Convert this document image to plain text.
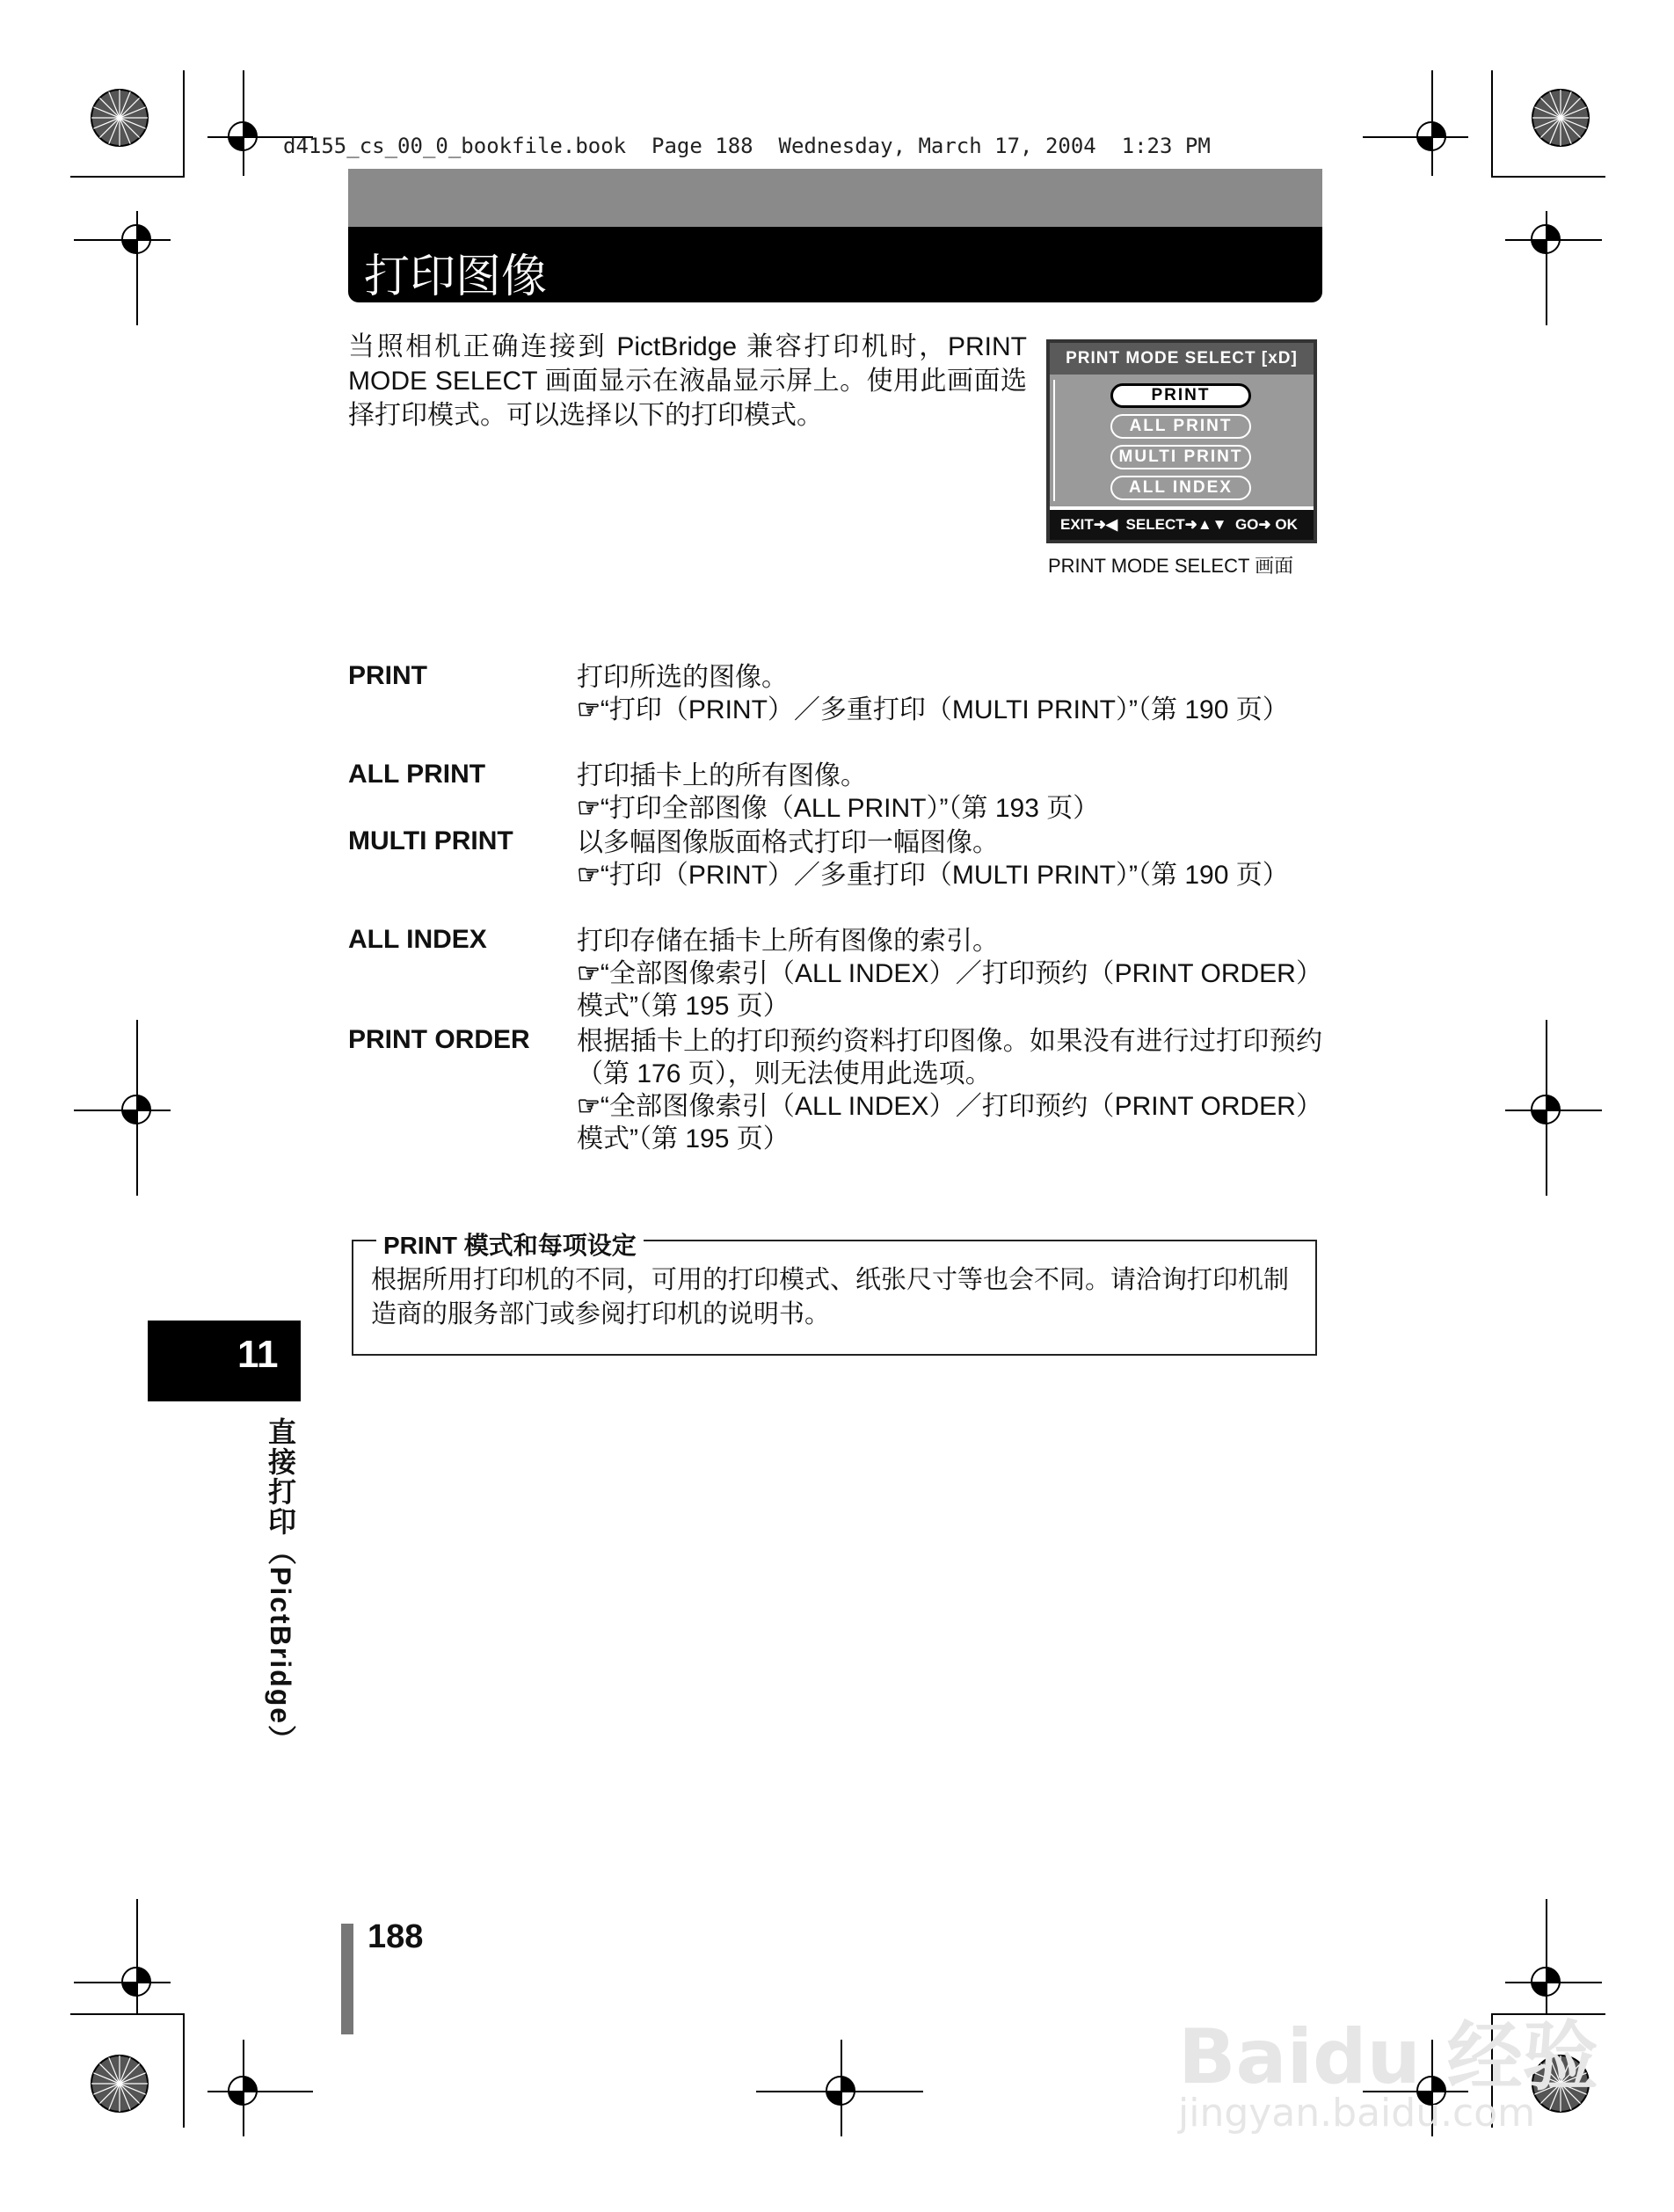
d4155_cs_00_0_bookfile.book  Page 188  Wednesday, March 17, 2004  1:23 PM
打印图像
当照相机正确连接到 PictBridge 兼容打印机时，PRINT MODE SELECT 画面显示在液晶显示屏上。使用此画面选择打印模式。可以选择以下的打印模式。
PRINT MODE SELECT [xD]
PRINT
ALL PRINT
MULTI PRINT
ALL INDEX
EXIT➜◀  SELECT➜▲▼  GO➜ OK
PRINT MODE SELECT 画面
PRINT	打印所选的图像。
☞“打印（PRINT）／多重打印（MULTI PRINT）”（第 190 页）
ALL PRINT	打印插卡上的所有图像。
☞“打印全部图像（ALL PRINT）”（第 193 页）
MULTI PRINT 以多幅图像版面格式打印一幅图像。
☞“打印（PRINT）／多重打印（MULTI PRINT）”（第 190 页）
ALL INDEX	打印存储在插卡上所有图像的索引。
☞“全部图像索引（ALL INDEX）／打印预约（PRINT ORDER）模式”（第 195 页）
PRINT ORDER 根据插卡上的打印预约资料打印图像。如果没有进行过打印预约（第 176 页），则无法使用此选项。
☞“全部图像索引（ALL INDEX）／打印预约（PRINT ORDER）模式”（第 195 页）
PRINT 模式和每项设定
根据所用打印机的不同，可用的打印模式、纸张尺寸等也会不同。请洽询打印机制造商的服务部门或参阅打印机的说明书。
11
直接打印（PictBridge）
188
Baidu 经验
jingyan.baidu.com
